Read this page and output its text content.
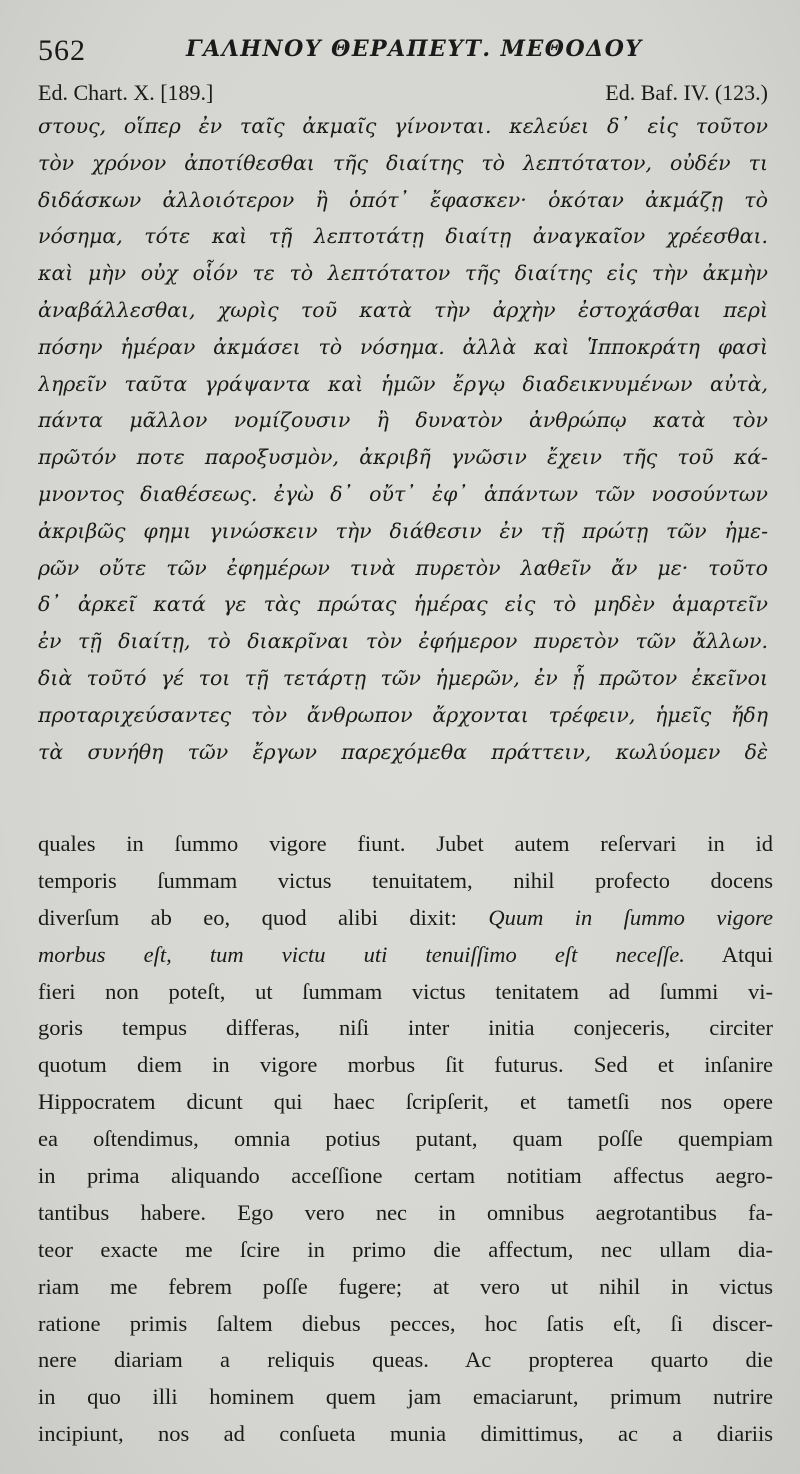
562	ΓΑΛΗΝΟΥ ΘΕΡΑΠΕΥΤ. ΜΕΘΟΔΟΥ
Ed. Chart. X. [189.]	Ed. Baf. IV. (123.)
στους, οἵπερ ἐν ταῖς ἀκμαῖς γίνονται. κελεύει δ᾽ εἰς τοῦτον
τὸν χρόνον ἀποτίθεσθαι τῆς διαίτης τὸ λεπτότατον, οὐδέν τι
διδάσκων ἀλλοιότερον ἢ ὁπότ᾽ ἔφασκεν· ὁκόταν ἀκμάζῃ τὸ
νόσημα, τότε καὶ τῇ λεπτοτάτῃ διαίτῃ ἀναγκαῖον χρέεσθαι.
καὶ μὴν οὐχ οἷόν τε τὸ λεπτότατον τῆς διαίτης εἰς τὴν ἀκμὴν
ἀναβάλλεσθαι, χωρὶς τοῦ κατὰ τὴν ἀρχὴν ἐστοχάσθαι περὶ
πόσην ἡμέραν ἀκμάσει τὸ νόσημα. ἀλλὰ καὶ Ἱπποκράτη φασὶ
ληρεῖν ταῦτα γράψαντα καὶ ἡμῶν ἔργῳ διαδεικνυμένων αὐτὰ,
πάντα μᾶλλον νομίζουσιν ἢ δυνατὸν ἀνθρώπῳ κατὰ τὸν
πρῶτόν ποτε παροξυσμὸν, ἀκριβῆ γνῶσιν ἔχειν τῆς τοῦ κά-
μνοντος διαθέσεως. ἐγὼ δ᾽ οὔτ᾽ ἐφ᾽ ἁπάντων τῶν νοσούντων
ἀκριβῶς φημι γινώσκειν τὴν διάθεσιν ἐν τῇ πρώτῃ τῶν ἡμε-
ρῶν οὔτε τῶν ἐφημέρων τινὰ πυρετὸν λαθεῖν ἄν με· τοῦτο
δ᾽ ἀρκεῖ κατά γε τὰς πρώτας ἡμέρας εἰς τὸ μηδὲν ἁμαρτεῖν
ἐν τῇ διαίτῃ, τὸ διακρῖναι τὸν ἐφήμερον πυρετὸν τῶν ἄλλων.
διὰ τοῦτό γέ τοι τῇ τετάρτῃ τῶν ἡμερῶν, ἐν ᾗ πρῶτον ἐκεῖνοι
προταριχεύσαντες τὸν ἄνθρωπον ἄρχονται τρέφειν, ἡμεῖς ἤδη
τὰ συνήθη τῶν ἔργων παρεχόμεθα πράττειν, κωλύομεν δὲ
quales in ſummo vigore fiunt. Jubet autem reſervari in id
temporis ſummam victus tenuitatem, nihil profecto docens
diverſum ab eo, quod alibi dixit: Quum in ſummo vigore
morbus eſt, tum victu uti tenuiſſimo eſt neceſſe. Atqui
fieri non poteſt, ut ſummam victus tenitatem ad ſummi vi-
goris tempus differas, niſi inter initia conjeceris, circiter
quotum diem in vigore morbus ſit futurus. Sed et inſanire
Hippocratem dicunt qui haec ſcripſerit, et tametſi nos opere
ea oſtendimus, omnia potius putant, quam poſſe quempiam
in prima aliquando acceſſione certam notitiam affectus aegro-
tantibus habere. Ego vero nec in omnibus aegrotantibus fa-
teor exacte me ſcire in primo die affectum, nec ullam dia-
riam me febrem poſſe fugere; at vero ut nihil in victus
ratione primis ſaltem diebus pecces, hoc ſatis eſt, ſi discer-
nere diariam a reliquis queas. Ac propterea quarto die
in quo illi hominem quem jam emaciarunt, primum nutrire
incipiunt, nos ad conſueta munia dimittimus, ac a diariis
